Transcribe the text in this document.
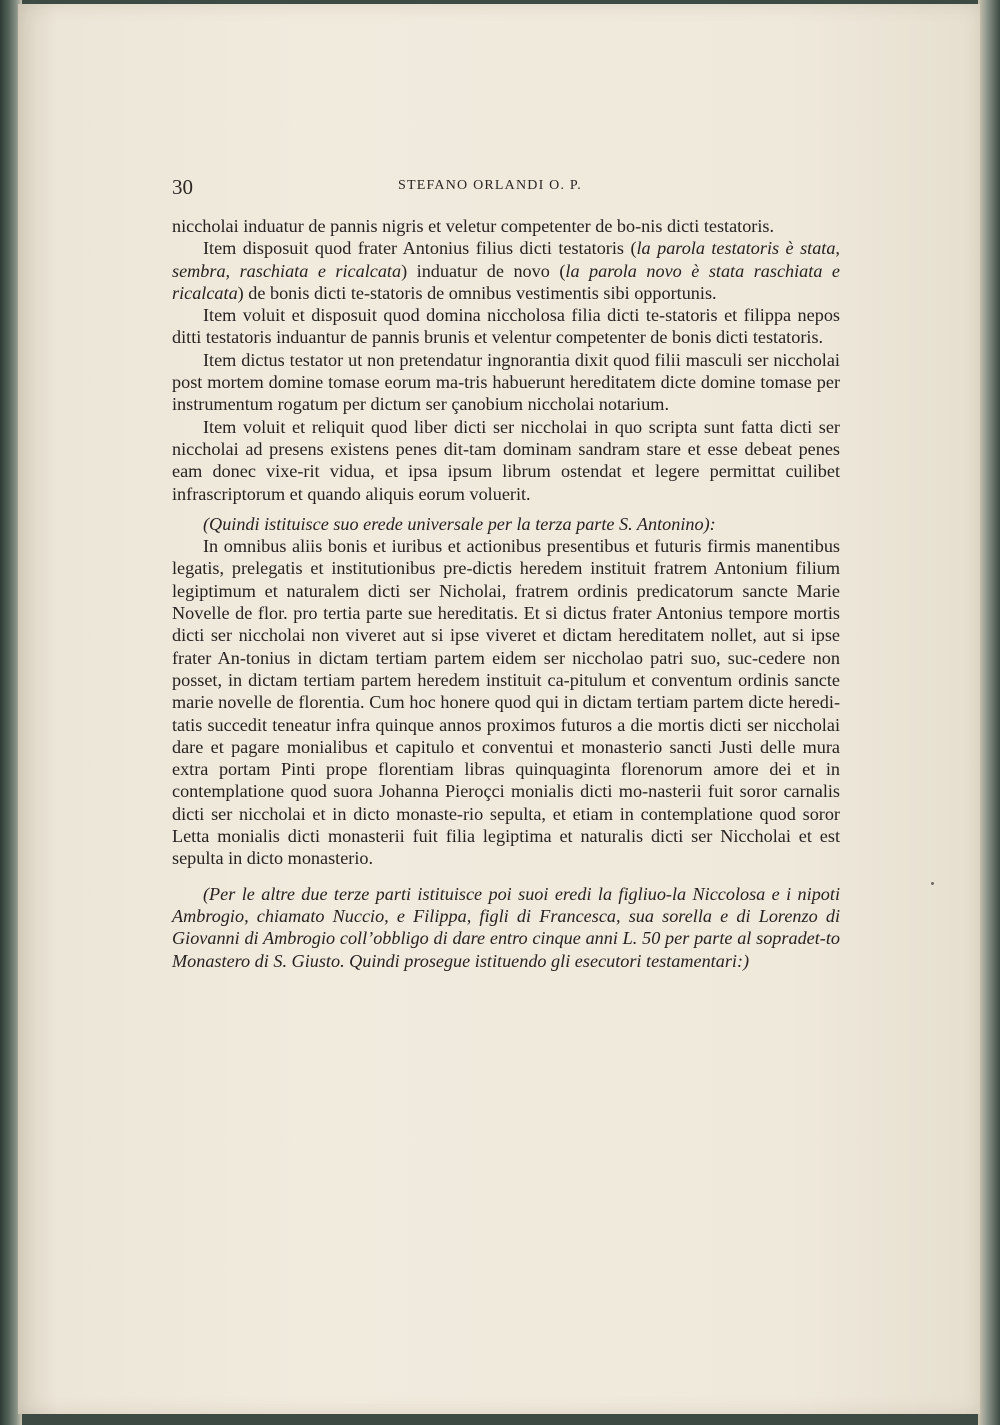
30	STEFANO ORLANDI O. P.

niccholai induatur de pannis nigris et veletur competenter de bo-nis dicti testatoris.

Item disposuit quod frater Antonius filius dicti testatoris (la parola testatoris è stata, sembra, raschiata e ricalcata) induatur de novo (la parola novo è stata raschiata e ricalcata) de bonis dicti te-statoris de omnibus vestimentis sibi opportunis.

Item voluit et disposuit quod domina niccholosa filia dicti te-statoris et filippa nepos ditti testatoris induantur de pannis brunis et velentur competenter de bonis dicti testatoris.

Item dictus testator ut non pretendatur ingnorantia dixit quod filii masculi ser niccholai post mortem domine tomase eorum ma-tris habuerunt hereditatem dicte domine tomase per instrumentum rogatum per dictum ser çanobium niccholai notarium.

Item voluit et reliquit quod liber dicti ser niccholai in quo scripta sunt fatta dicti ser niccholai ad presens existens penes dit-tam dominam sandram stare et esse debeat penes eam donec vixe-rit vidua, et ipsa ipsum librum ostendat et legere permittat cuilibet infrascriptorum et quando aliquis eorum voluerit.

(Quindi istituisce suo erede universale per la terza parte S. Antonino):

In omnibus aliis bonis et iuribus et actionibus presentibus et futuris firmis manentibus legatis, prelegatis et institutionibus pre-dictis heredem instituit fratrem Antonium filium legiptimum et naturalem dicti ser Nicholai, fratrem ordinis predicatorum sancte Marie Novelle de flor. pro tertia parte sue hereditatis. Et si dictus frater Antonius tempore mortis dicti ser niccholai non viveret aut si ipse viveret et dictam hereditatem nollet, aut si ipse frater An-tonius in dictam tertiam partem eidem ser niccholao patri suo, suc-cedere non posset, in dictam tertiam partem heredem instituit ca-pitulum et conventum ordinis sancte marie novelle de florentia. Cum hoc honere quod qui in dictam tertiam partem dicte heredi-tatis succedit teneatur infra quinque annos proximos futuros a die mortis dicti ser niccholai dare et pagare monialibus et capitulo et conventui et monasterio sancti Justi delle mura extra portam Pinti prope florentiam libras quinquaginta florenorum amore dei et in contemplatione quod suora Johanna Pieroçci monialis dicti mo-nasterii fuit soror carnalis dicti ser niccholai et in dicto monaste-rio sepulta, et etiam in contemplatione quod soror Letta monialis dicti monasterii fuit filia legiptima et naturalis dicti ser Niccholai et est sepulta in dicto monasterio.

(Per le altre due terze parti istituisce poi suoi eredi la figliuo-la Niccolosa e i nipoti Ambrogio, chiamato Nuccio, e Filippa, figli di Francesca, sua sorella e di Lorenzo di Giovanni di Ambrogio coll’obbligo di dare entro cinque anni L. 50 per parte al sopradet-to Monastero di S. Giusto. Quindi prosegue istituendo gli esecutori testamentari:)
